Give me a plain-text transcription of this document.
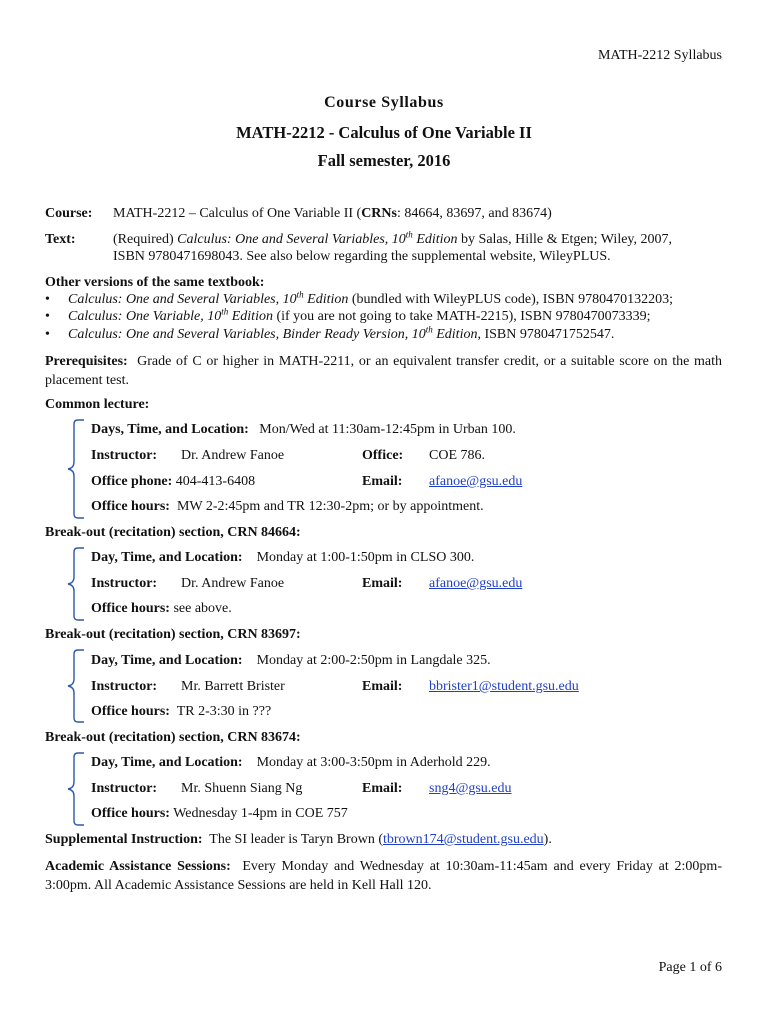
MATH-2212 Syllabus
Course Syllabus
MATH-2212 - Calculus of One Variable II
Fall semester, 2016
Course: MATH-2212 – Calculus of One Variable II (CRNs: 84664, 83697, and 83674)
Text:	(Required) Calculus: One and Several Variables, 10th Edition by Salas, Hille & Etgen; Wiley, 2007,
ISBN 9780471698043. See also below regarding the supplemental website, WileyPLUS.
Other versions of the same textbook:
• Calculus: One and Several Variables, 10th Edition (bundled with WileyPLUS code), ISBN 9780470132203;
• Calculus: One Variable, 10th Edition (if you are not going to take MATH-2215), ISBN 9780470073339;
• Calculus: One and Several Variables, Binder Ready Version, 10th Edition, ISBN 9780471752547.
Prerequisites: Grade of C or higher in MATH-2211, or an equivalent transfer credit, or a suitable score on the math placement test.
Common lecture:
Days, Time, and Location: Mon/Wed at 11:30am-12:45pm in Urban 100.
Instructor: Dr. Andrew Fanoe	Office: COE 786.
Office phone: 404-413-6408	Email: afanoe@gsu.edu
Office hours: MW 2-2:45pm and TR 12:30-2pm; or by appointment.
Break-out (recitation) section, CRN 84664:
Day, Time, and Location: Monday at 1:00-1:50pm in CLSO 300.
Instructor: Dr. Andrew Fanoe	Email: afanoe@gsu.edu
Office hours: see above.
Break-out (recitation) section, CRN 83697:
Day, Time, and Location: Monday at 2:00-2:50pm in Langdale 325.
Instructor: Mr. Barrett Brister	Email: bbrister1@student.gsu.edu
Office hours: TR 2-3:30 in ???
Break-out (recitation) section, CRN 83674:
Day, Time, and Location: Monday at 3:00-3:50pm in Aderhold 229.
Instructor: Mr. Shuenn Siang Ng	Email: sng4@gsu.edu
Office hours: Wednesday 1-4pm in COE 757
Supplemental Instruction: The SI leader is Taryn Brown (tbrown174@student.gsu.edu).
Academic Assistance Sessions: Every Monday and Wednesday at 10:30am-11:45am and every Friday at 2:00pm-3:00pm. All Academic Assistance Sessions are held in Kell Hall 120.
Page 1 of 6
